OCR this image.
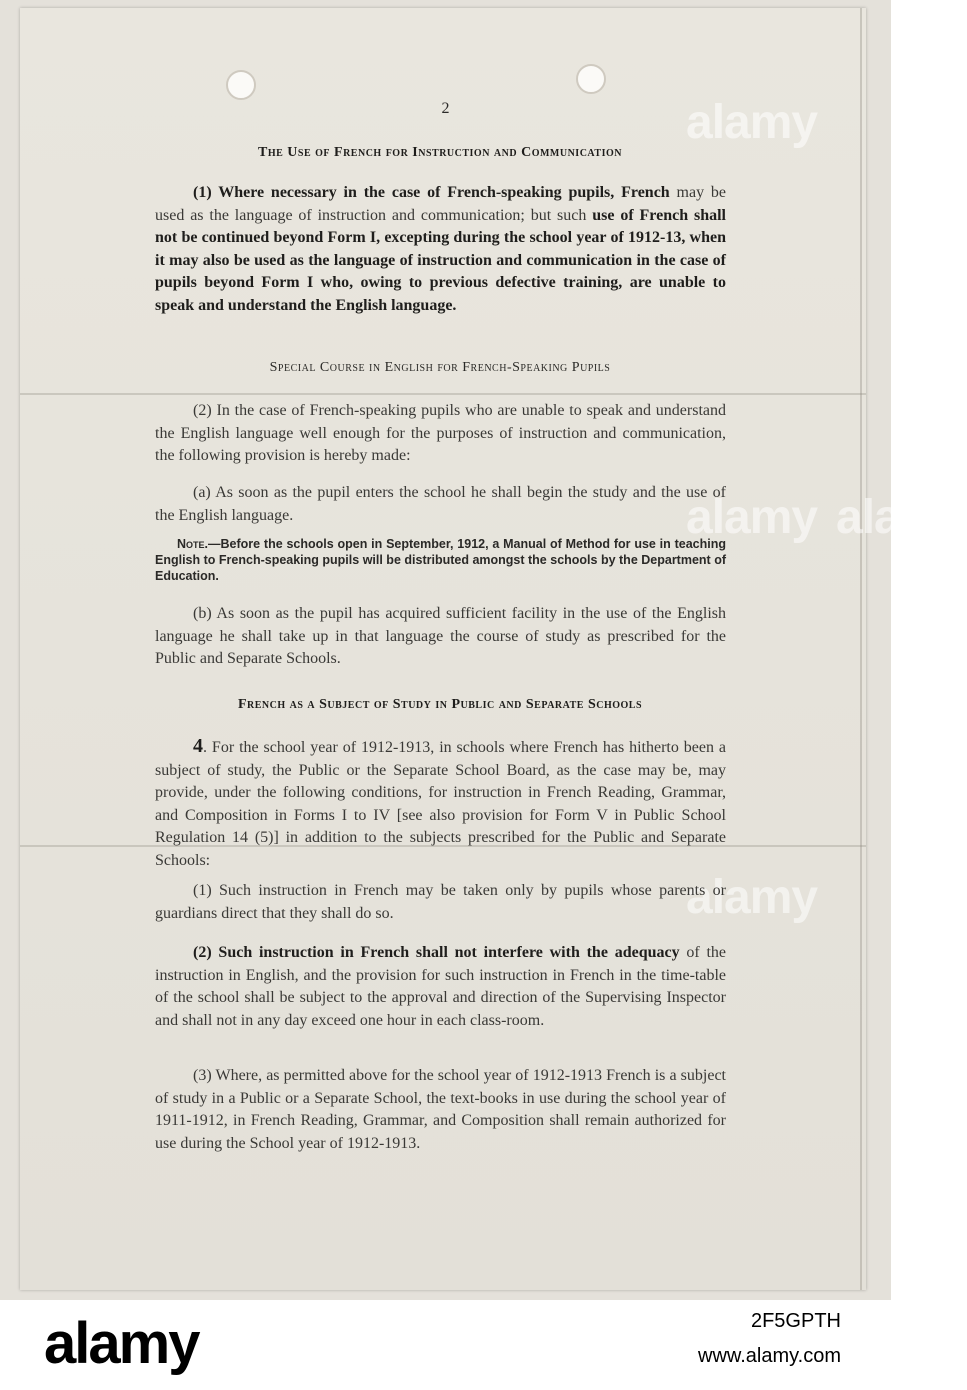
alamy
alamy
alamy
alamy
2
The Use of French for Instruction and Communication
(1) Where necessary in the case of French-speaking pupils, French may be used as the language of instruction and communication; but such use of French shall not be continued beyond Form I, excepting during the school year of 1912-13, when it may also be used as the language of instruction and communication in the case of pupils beyond Form I who, owing to previous defective training, are unable to speak and understand the English language.
Special Course in English for French-Speaking Pupils
(2) In the case of French-speaking pupils who are unable to speak and understand the English language well enough for the purposes of instruction and communication, the following provision is hereby made:
(a) As soon as the pupil enters the school he shall begin the study and the use of the English language.
Note.—Before the schools open in September, 1912, a Manual of Method for use in teaching English to French-speaking pupils will be distributed amongst the schools by the Department of Education.
(b) As soon as the pupil has acquired sufficient facility in the use of the English language he shall take up in that language the course of study as prescribed for the Public and Separate Schools.
French as a Subject of Study in Public and Separate Schools
4. For the school year of 1912-1913, in schools where French has hitherto been a subject of study, the Public or the Separate School Board, as the case may be, may provide, under the following conditions, for instruction in French Reading, Grammar, and Composition in Forms I to IV [see also provision for Form V in Public School Regulation 14 (5)] in addition to the subjects prescribed for the Public and Separate Schools:
(1) Such instruction in French may be taken only by pupils whose parents or guardians direct that they shall do so.
(2) Such instruction in French shall not interfere with the adequacy of the instruction in English, and the provision for such instruction in French in the time-table of the school shall be subject to the approval and direction of the Supervising Inspector and shall not in any day exceed one hour in each class-room.
(3) Where, as permitted above for the school year of 1912-1913 French is a subject of study in a Public or a Separate School, the text-books in use during the school year of 1911-1912, in French Reading, Grammar, and Composition shall remain authorized for use during the School year of 1912-1913.
alamy	2F5GPTH
www.alamy.com
